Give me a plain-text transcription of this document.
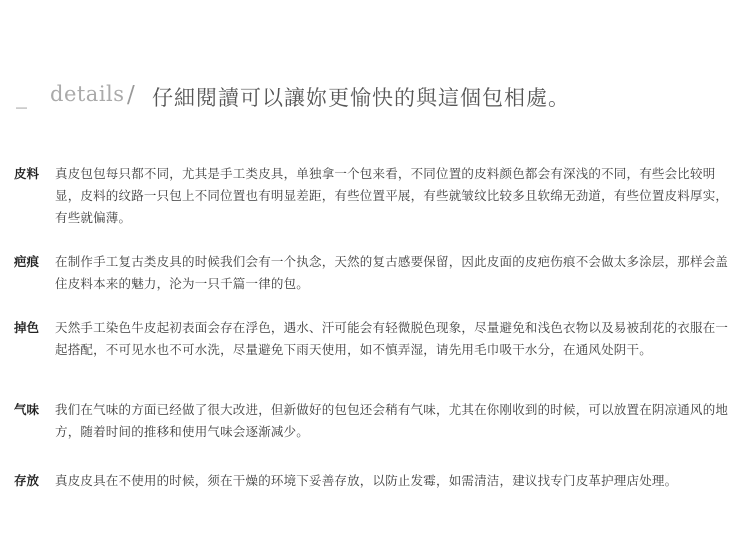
_ details / 仔細閱讀可以讓妳更愉快的與這個包相處。
皮料 真皮包包每只都不同，尤其是手工类皮具，单独拿一个包来看，不同位置的皮料颜色都会有深浅的不同，有些会比较明显，皮料的纹路一只包上不同位置也有明显差距，有些位置平展，有些就皱纹比较多且软绵无劲道，有些位置皮料厚实，有些就偏薄。
疤痕 在制作手工复古类皮具的时候我们会有一个执念，天然的复古感要保留，因此皮面的皮疤伤痕不会做太多涂层，那样会盖住皮料本来的魅力，沦为一只千篇一律的包。
掉色 天然手工染色牛皮起初表面会存在浮色，遇水、汗可能会有轻微脱色现象，尽量避免和浅色衣物以及易被刮花的衣服在一起搭配，不可见水也不可水洗，尽量避免下雨天使用，如不慎弄湿，请先用毛巾吸干水分，在通风处阴干。
气味 我们在气味的方面已经做了很大改进，但新做好的包包还会稍有气味，尤其在你刚收到的时候，可以放置在阴凉通风的地方，随着时间的推移和使用气味会逐渐减少。
存放 真皮皮具在不使用的时候，须在干燥的环境下妥善存放，以防止发霉，如需清洁，建议找专门皮革护理店处理。
